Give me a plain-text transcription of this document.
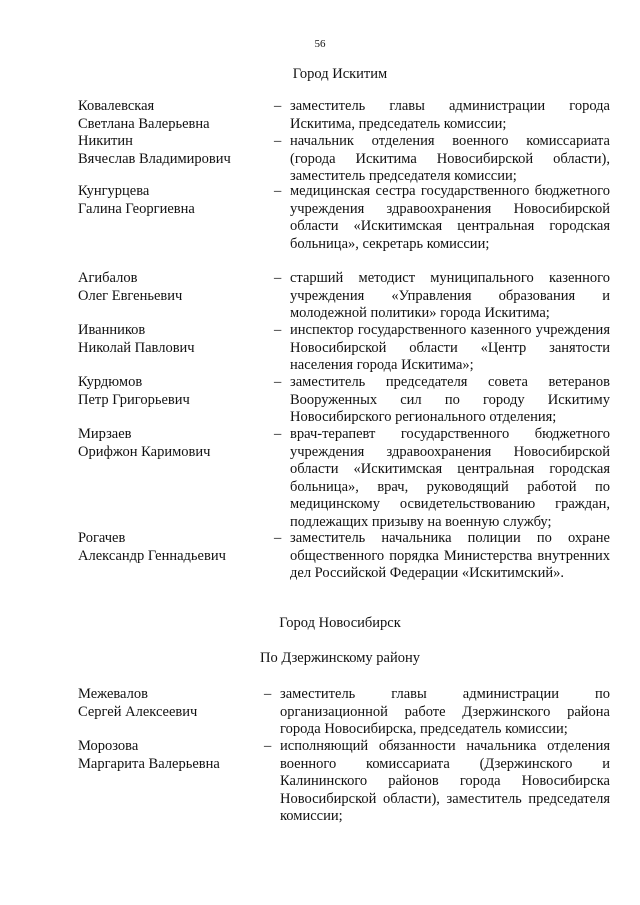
56
Город Искитим
Ковалевская
Светлана Валерьевна
– заместитель главы администрации города Искитима, председатель комиссии;
Никитин
Вячеслав Владимирович
– начальник отделения военного комиссариата (города Искитима Новосибирской области), заместитель председателя комиссии;
Кунгурцева
Галина Георгиевна
– медицинская сестра государственного бюджетного учреждения здравоохранения Новосибирской области «Искитимская центральная городская больница», секретарь комиссии;
Агибалов
Олег Евгеньевич
– старший методист муниципального казенного учреждения «Управления образования и молодежной политики» города Искитима;
Иванников
Николай Павлович
– инспектор государственного казенного учреждения Новосибирской области «Центр занятости населения города Искитима»;
Курдюмов
Петр Григорьевич
– заместитель председателя совета ветеранов Вооруженных сил по городу Искитиму Новосибирского регионального отделения;
Мирзаев
Орифжон Каримович
– врач-терапевт государственного бюджетного учреждения здравоохранения Новосибирской области «Искитимская центральная городская больница», врач, руководящий работой по медицинскому освидетельствованию граждан, подлежащих призыву на военную службу;
Рогачев
Александр Геннадьевич
– заместитель начальника полиции по охране общественного порядка Министерства внутренних дел Российской Федерации «Искитимский».
Город Новосибирск
По Дзержинскому району
Межевалов
Сергей Алексеевич
– заместитель главы администрации по организационной работе Дзержинского района города Новосибирска, председатель комиссии;
Морозова
Маргарита Валерьевна
– исполняющий обязанности начальника отделения военного комиссариата (Дзержинского и Калининского районов города Новосибирска Новосибирской области), заместитель председателя комиссии;
